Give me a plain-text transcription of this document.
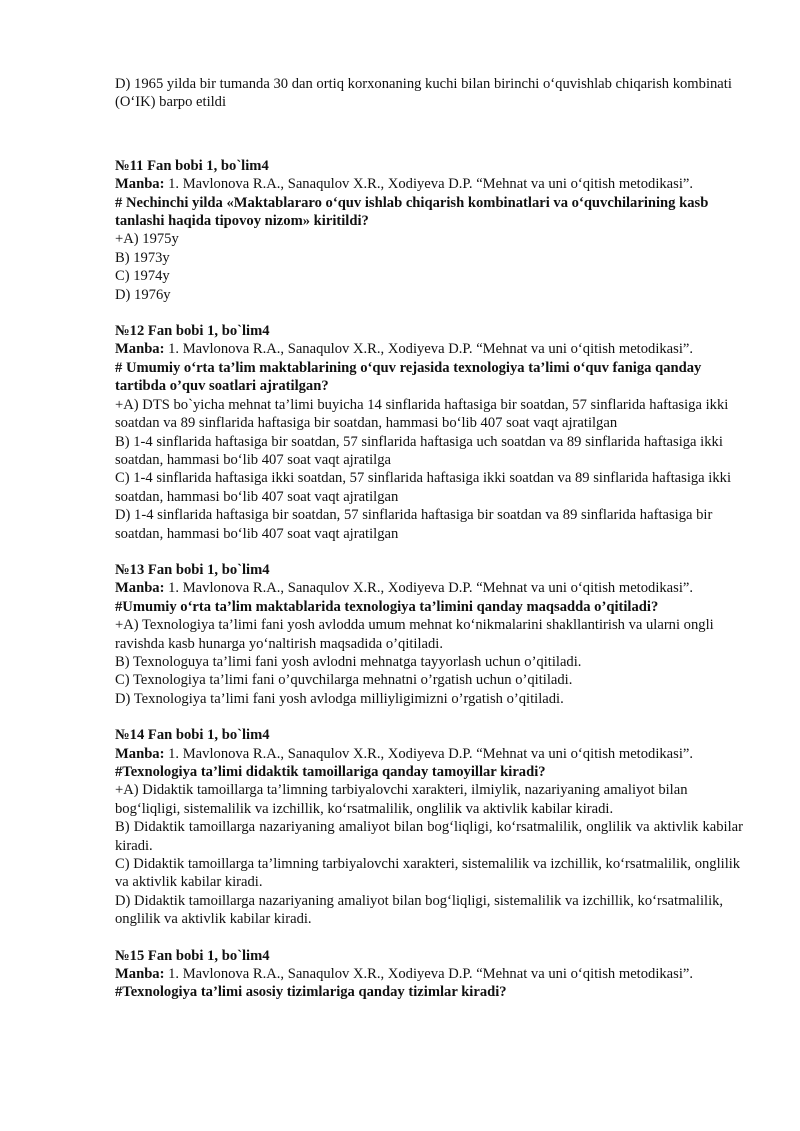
D) 1965 yilda bir tumanda 30 dan ortiq korxonaning kuchi bilan birinchi o‘quvishlab chiqarish kombinati (O‘IK) barpo etildi

№11 Fan bobi 1, bo`lim4

Manba: 1. Mavlonova R.A., Sanaqulov X.R., Xodiyeva D.P. “Mehnat va uni o‘qitish metodikasi”.

# Nechinchi yilda «Maktablararo o‘quv ishlab chiqarish kombinatlari va o‘quvchilarining kasb tanlashi haqida tipovoy nizom» kiritildi?

+A) 1975y

B) 1973y

C) 1974y

D) 1976y

№12 Fan bobi 1, bo`lim4

Manba: 1. Mavlonova R.A., Sanaqulov X.R., Xodiyeva D.P. “Mehnat va uni o‘qitish metodikasi”.

# Umumiy o‘rta ta’lim maktablarining o‘quv rejasida texnologiya ta’limi o‘quv faniga qanday tartibda o’quv soatlari ajratilgan?

+A) DTS bo`yicha mehnat ta’limi buyicha 14 sinflarida haftasiga bir soatdan, 57 sinflarida haftasiga ikki soatdan va 89 sinflarida haftasiga bir soatdan, hammasi bo‘lib 407 soat vaqt ajratilgan

B) 1-4 sinflarida haftasiga bir soatdan, 57 sinflarida haftasiga uch soatdan va 89 sinflarida haftasiga ikki soatdan, hammasi bo‘lib 407 soat vaqt ajratilga

C) 1-4 sinflarida haftasiga ikki soatdan, 57 sinflarida haftasiga ikki soatdan va 89 sinflarida haftasiga ikki soatdan, hammasi bo‘lib 407 soat vaqt ajratilgan

D) 1-4 sinflarida haftasiga bir soatdan, 57 sinflarida haftasiga bir soatdan va 89 sinflarida haftasiga bir soatdan, hammasi bo‘lib 407 soat vaqt ajratilgan

№13 Fan bobi 1, bo`lim4

Manba: 1. Mavlonova R.A., Sanaqulov X.R., Xodiyeva D.P. “Mehnat va uni o‘qitish metodikasi”.

#Umumiy o‘rta ta’lim maktablarida texnologiya ta’limini qanday maqsadda o’qitiladi?

+A) Texnologiya ta’limi fani yosh avlodda umum mehnat ko‘nikmalarini shakllantirish va ularni ongli ravishda kasb hunarga yo‘naltirish maqsadida o’qitiladi.

B) Texnologuya ta’limi fani yosh avlodni mehnatga tayyorlash uchun o’qitiladi.

C) Texnologiya ta’limi fani o’quvchilarga mehnatni o’rgatish uchun o’qitiladi.

D) Texnologiya ta’limi fani yosh avlodga milliyligimizni o’rgatish o’qitiladi.

№14 Fan bobi 1, bo`lim4

Manba: 1. Mavlonova R.A., Sanaqulov X.R., Xodiyeva D.P. “Mehnat va uni o‘qitish metodikasi”.

#Texnologiya ta’limi didaktik tamoillariga qanday tamoyillar kiradi?

+A) Didaktik tamoillarga ta’limning tarbiyalovchi xarakteri, ilmiylik, nazariyaning amaliyot bilan bog‘liqligi, sistemalilik va izchillik, ko‘rsatmalilik, onglilik va aktivlik kabilar kiradi.

B) Didaktik tamoillarga nazariyaning amaliyot bilan bog‘liqligi, ko‘rsatmalilik, onglilik va aktivlik kabilar kiradi.

C) Didaktik tamoillarga ta’limning tarbiyalovchi xarakteri, sistemalilik va izchillik, ko‘rsatmalilik, onglilik va aktivlik kabilar kiradi.

D) Didaktik tamoillarga nazariyaning amaliyot bilan bog‘liqligi, sistemalilik va izchillik, ko‘rsatmalilik, onglilik va aktivlik kabilar kiradi.

№15 Fan bobi 1, bo`lim4

Manba: 1. Mavlonova R.A., Sanaqulov X.R., Xodiyeva D.P. “Mehnat va uni o‘qitish metodikasi”.

#Texnologiya ta’limi asosiy tizimlariga qanday tizimlar kiradi?
